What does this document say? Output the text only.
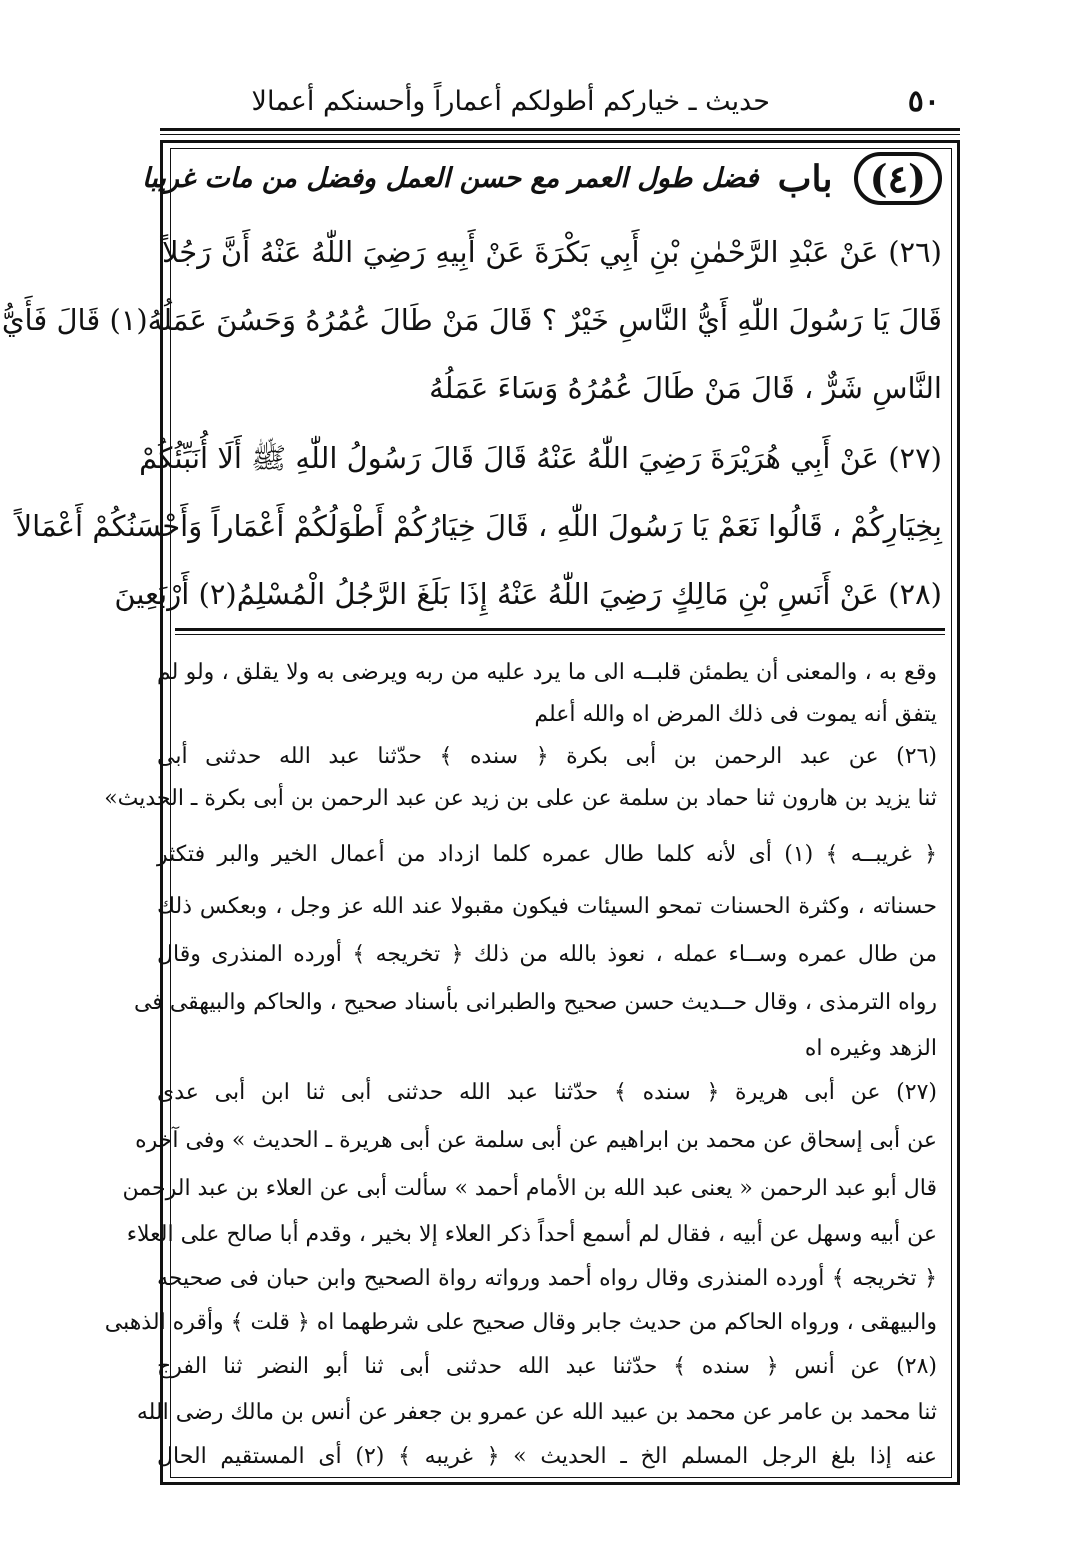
٥٠
حديث ـ خياركم أطولكم أعماراً وأحسنكم أعمالا
(٤) باب فضل طول العمر مع حسن العمل وفضل من مات غريبا
(٢٦) عَنْ عَبْدِ الرَّحْمٰنِ بْنِ أَبِي بَكْرَةَ عَنْ أَبِيهِ رَضِيَ اللّٰهُ عَنْهُ أَنَّ رَجُلاً
قَالَ يَا رَسُولَ اللّٰهِ أَيُّ النَّاسِ خَيْرٌ ؟ قَالَ مَنْ طَالَ عُمُرُهُ وَحَسُنَ عَمَلُهُ(١) قَالَ فَأَيُّ
النَّاسِ شَرٌّ ، قَالَ مَنْ طَالَ عُمُرُهُ وَسَاءَ عَمَلُهُ
(٢٧) عَنْ أَبِي هُرَيْرَةَ رَضِيَ اللّٰهُ عَنْهُ قَالَ قَالَ رَسُولُ اللّٰهِ ﷺ أَلَا أُنَبِّئُكُمْ
بِخِيَارِكُمْ ، قَالُوا نَعَمْ يَا رَسُولَ اللّٰهِ ، قَالَ خِيَارُكُمْ أَطْوَلُكُمْ أَعْمَاراً وَأَحْسَنُكُمْ أَعْمَالاً
(٢٨) عَنْ أَنَسِ بْنِ مَالِكٍ رَضِيَ اللّٰهُ عَنْهُ إِذَا بَلَغَ الرَّجُلُ الْمُسْلِمُ(٢) أَرْبَعِينَ
وقع به ، والمعنى أن يطمئن قلبــه الى ما يرد عليه من ربه ويرضى به ولا يقلق ، ولو لم
يتفق أنه يموت فى ذلك المرض اه والله أعلم
(٢٦) عن عبد الرحمن بن أبى بكرة ﴿ سنده ﴾ حدّثنا عبد الله حدثنى أبى
ثنا يزيد بن هارون ثنا حماد بن سلمة عن على بن زيد عن عبد الرحمن بن أبى بكرة ـ الحديث»
﴿ غريبــه ﴾ (١) أى لأنه كلما طال عمره كلما ازداد من أعمال الخير والبر فتكثر
حسناته ، وكثرة الحسنات تمحو السيئات فيكون مقبولا عند الله عز وجل ، وبعكس ذلك
من طال عمره وســاء عمله ، نعوذ بالله من ذلك ﴿ تخريجه ﴾ أورده المنذرى وقال
رواه الترمذى ، وقال حــديث حسن صحيح والطبرانى بأسناد صحيح ، والحاكم والبيهقى فى
الزهد وغيره اه
(٢٧) عن أبى هريرة ﴿ سنده ﴾ حدّثنا عبد الله حدثنى أبى ثنا ابن أبى عدى
عن أبى إسحاق عن محمد بن ابراهيم عن أبى سلمة عن أبى هريرة ـ الحديث » وفى آخره
قال أبو عبد الرحمن « يعنى عبد الله بن الأمام أحمد » سألت أبى عن العلاء بن عبد الرحمن
عن أبيه وسهل عن أبيه ، فقال لم أسمع أحداً ذكر العلاء إلا بخير ، وقدم أبا صالح على العلاء
﴿ تخريجه ﴾ أورده المنذرى وقال رواه أحمد ورواته رواة الصحيح وابن حبان فى صحيحه
والبيهقى ، ورواه الحاكم من حديث جابر وقال صحيح على شرطهما اه ﴿ قلت ﴾ وأقره الذهبى
(٢٨) عن أنس ﴿ سنده ﴾ حدّثنا عبد الله حدثنى أبى ثنا أبو النضر ثنا الفرج
ثنا محمد بن عامر عن محمد بن عبيد الله عن عمرو بن جعفر عن أنس بن مالك رضى الله
عنه إذا بلغ الرجل المسلم الخ ـ الحديث » ﴿ غريبه ﴾ (٢) أى المستقيم الحال
